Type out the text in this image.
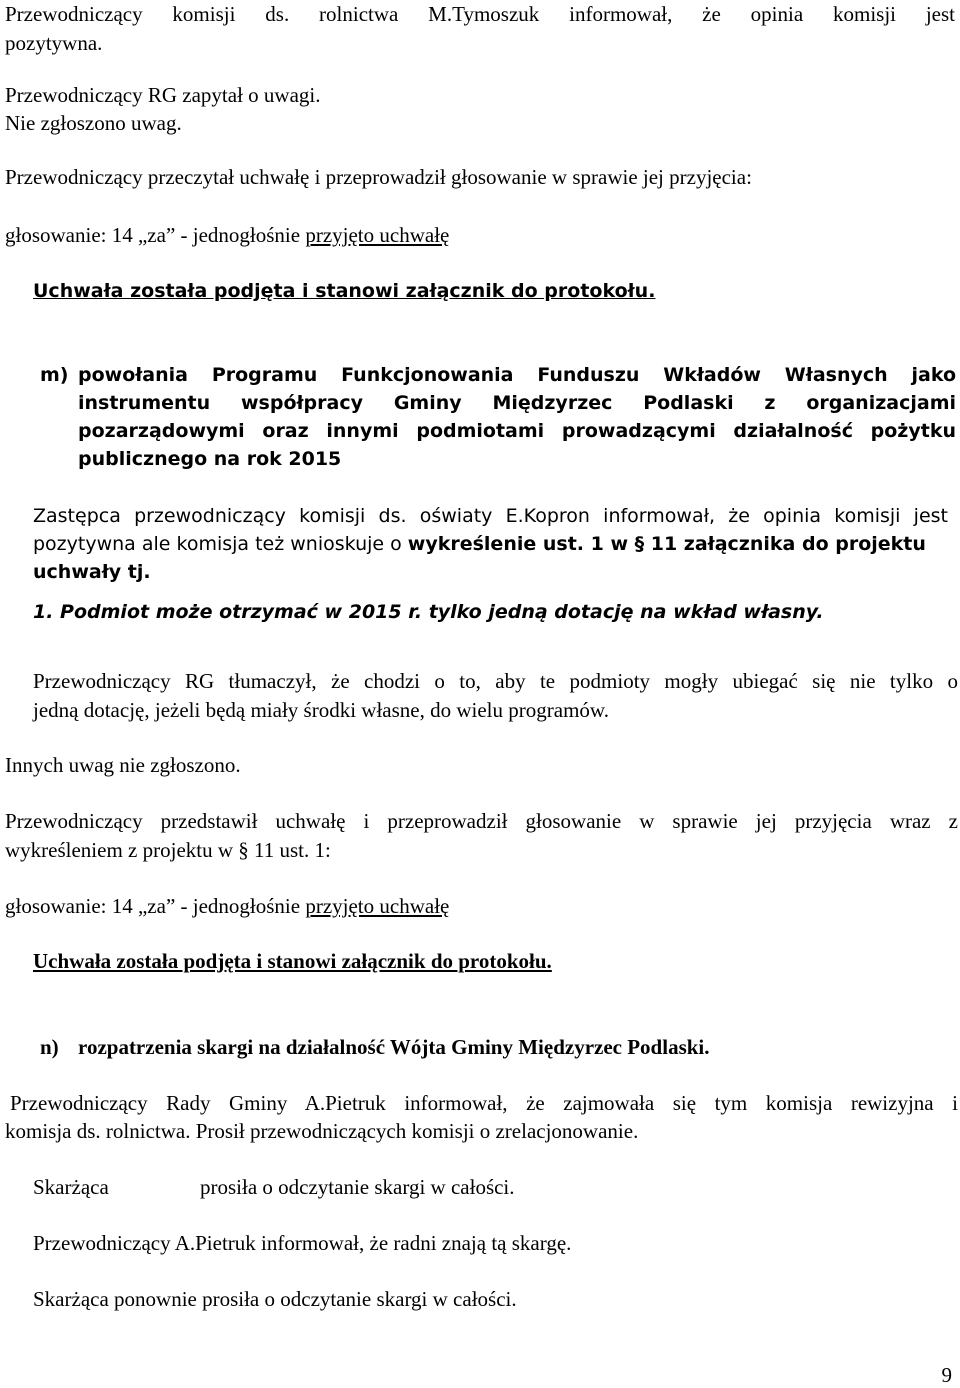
Przewodniczący komisji ds. rolnictwa M.Tymoszuk informował, że opinia komisji jest
pozytywna.
Przewodniczący RG zapytał o uwagi.
Nie zgłoszono uwag.
Przewodniczący przeczytał uchwałę i przeprowadził głosowanie w sprawie jej przyjęcia:
głosowanie: 14 „za” - jednogłośnie przyjęto uchwałę
Uchwała została podjęta i stanowi załącznik do protokołu.
m) powołania Programu Funkcjonowania Funduszu Wkładów Własnych jako
instrumentu współpracy Gminy Międzyrzec Podlaski z organizacjami
pozarządowymi oraz innymi podmiotami prowadzącymi działalność pożytku
publicznego na rok 2015
Zastępca przewodniczący komisji ds. oświaty E.Kopron informował, że opinia komisji jest
pozytywna ale komisja też wnioskuje o wykreślenie ust. 1 w § 11 załącznika do projektu
uchwały tj.
1. Podmiot może otrzymać w 2015 r. tylko jedną dotację na wkład własny.
Przewodniczący RG tłumaczył, że chodzi o to, aby te podmioty mogły ubiegać się nie tylko o
jedną dotację, jeżeli będą miały środki własne, do wielu programów.
Innych uwag nie zgłoszono.
Przewodniczący przedstawił uchwałę i przeprowadził głosowanie w sprawie jej przyjęcia wraz z
wykreśleniem z projektu w § 11 ust. 1:
głosowanie: 14 „za” - jednogłośnie przyjęto uchwałę
Uchwała została podjęta i stanowi załącznik do protokołu.
n) rozpatrzenia skargi na działalność Wójta Gminy Międzyrzec Podlaski.
Przewodniczący Rady Gminy A.Pietruk informował, że zajmowała się tym komisja rewizyjna i
komisja ds. rolnictwa. Prosił przewodniczących komisji o zrelacjonowanie.
Skarżąca	prosiła o odczytanie skargi w całości.
Przewodniczący A.Pietruk informował, że radni znają tą skargę.
Skarżąca ponownie prosiła o odczytanie skargi w całości.
9
